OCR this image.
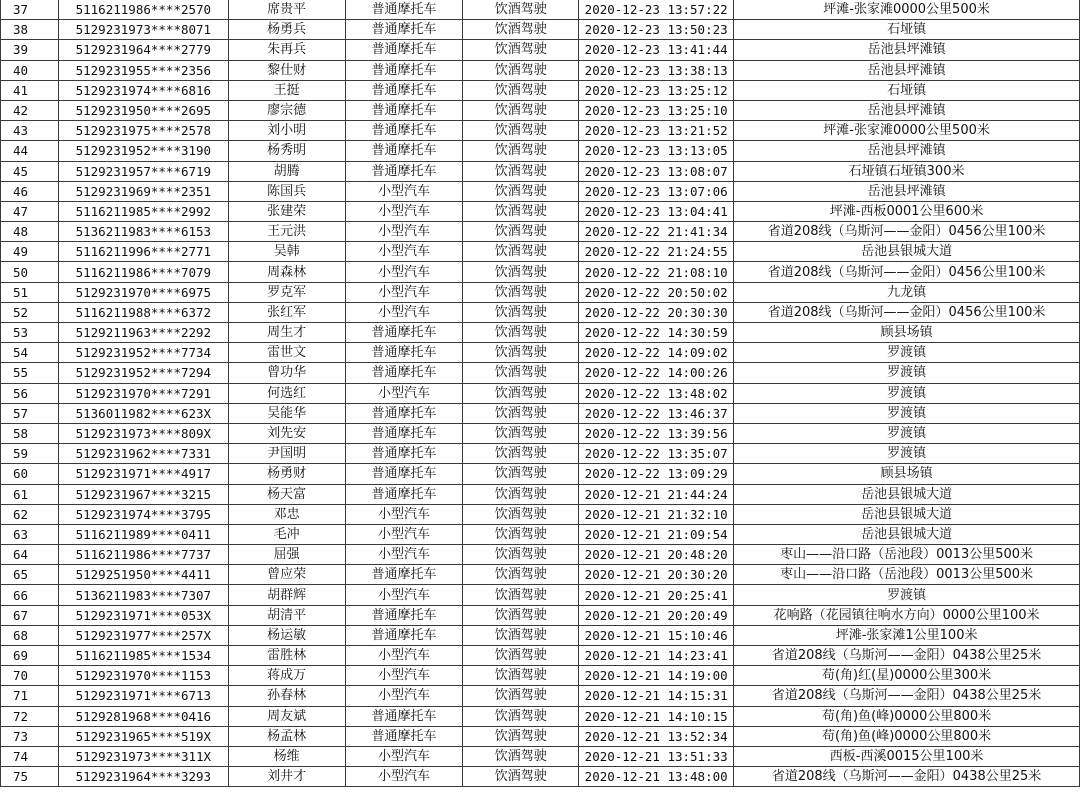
37	5116211986****2570	席贵平	普通摩托车	饮酒驾驶	2020-12-23 13:57:22	坪滩-张家滩0000公里500米
38	5129231973****8071	杨勇兵	普通摩托车	饮酒驾驶	2020-12-23 13:50:23	石垭镇
39	5129231964****2779	朱再兵	普通摩托车	饮酒驾驶	2020-12-23 13:41:44	岳池县坪滩镇
40	5129231955****2356	黎仕财	普通摩托车	饮酒驾驶	2020-12-23 13:38:13	岳池县坪滩镇
41	5129231974****6816	王挺	普通摩托车	饮酒驾驶	2020-12-23 13:25:12	石垭镇
42	5129231950****2695	廖宗德	普通摩托车	饮酒驾驶	2020-12-23 13:25:10	岳池县坪滩镇
43	5129231975****2578	刘小明	普通摩托车	饮酒驾驶	2020-12-23 13:21:52	坪滩-张家滩0000公里500米
44	5129231952****3190	杨秀明	普通摩托车	饮酒驾驶	2020-12-23 13:13:05	岳池县坪滩镇
45	5129231957****6719	胡腾	普通摩托车	饮酒驾驶	2020-12-23 13:08:07	石垭镇石垭镇300米
46	5129231969****2351	陈国兵	小型汽车	饮酒驾驶	2020-12-23 13:07:06	岳池县坪滩镇
47	5116211985****2992	张建荣	小型汽车	饮酒驾驶	2020-12-23 13:04:41	坪滩-西板0001公里600米
48	5136211983****6153	王元洪	小型汽车	饮酒驾驶	2020-12-22 21:41:34	省道208线（乌斯河——金阳）0456公里100米
49	5116211996****2771	吴韩	小型汽车	饮酒驾驶	2020-12-22 21:24:55	岳池县银城大道
50	5116211986****7079	周森林	小型汽车	饮酒驾驶	2020-12-22 21:08:10	省道208线（乌斯河——金阳）0456公里100米
51	5129231970****6975	罗克军	小型汽车	饮酒驾驶	2020-12-22 20:50:02	九龙镇
52	5116211988****6372	张红军	小型汽车	饮酒驾驶	2020-12-22 20:30:30	省道208线（乌斯河——金阳）0456公里100米
53	5129211963****2292	周生才	普通摩托车	饮酒驾驶	2020-12-22 14:30:59	顾县场镇
54	5129231952****7734	雷世文	普通摩托车	饮酒驾驶	2020-12-22 14:09:02	罗渡镇
55	5129231952****7294	曾功华	普通摩托车	饮酒驾驶	2020-12-22 14:00:26	罗渡镇
56	5129231970****7291	何选红	小型汽车	饮酒驾驶	2020-12-22 13:48:02	罗渡镇
57	5136011982****623X	吴能华	普通摩托车	饮酒驾驶	2020-12-22 13:46:37	罗渡镇
58	5129231973****809X	刘先安	普通摩托车	饮酒驾驶	2020-12-22 13:39:56	罗渡镇
59	5129231962****7331	尹国明	普通摩托车	饮酒驾驶	2020-12-22 13:35:07	罗渡镇
60	5129231971****4917	杨勇财	普通摩托车	饮酒驾驶	2020-12-22 13:09:29	顾县场镇
61	5129231967****3215	杨天富	普通摩托车	饮酒驾驶	2020-12-21 21:44:24	岳池县银城大道
62	5129231974****3795	邓忠	小型汽车	饮酒驾驶	2020-12-21 21:32:10	岳池县银城大道
63	5116211989****0411	毛冲	小型汽车	饮酒驾驶	2020-12-21 21:09:54	岳池县银城大道
64	5116211986****7737	屈强	小型汽车	饮酒驾驶	2020-12-21 20:48:20	枣山——沿口路（岳池段）0013公里500米
65	5129251950****4411	曾应荣	普通摩托车	饮酒驾驶	2020-12-21 20:30:20	枣山——沿口路（岳池段）0013公里500米
66	5136211983****7307	胡群辉	小型汽车	饮酒驾驶	2020-12-21 20:25:41	罗渡镇
67	5129231971****053X	胡清平	普通摩托车	饮酒驾驶	2020-12-21 20:20:49	花响路（花园镇往响水方向）0000公里100米
68	5129231977****257X	杨运敏	普通摩托车	饮酒驾驶	2020-12-21 15:10:46	坪滩-张家滩1公里100米
69	5116211985****1534	雷胜林	小型汽车	饮酒驾驶	2020-12-21 14:23:41	省道208线（乌斯河——金阳）0438公里25米
70	5129231970****1153	蒋成万	小型汽车	饮酒驾驶	2020-12-21 14:19:00	苟(角)红(星)0000公里300米
71	5129231971****6713	孙春林	小型汽车	饮酒驾驶	2020-12-21 14:15:31	省道208线（乌斯河——金阳）0438公里25米
72	5129281968****0416	周友斌	普通摩托车	饮酒驾驶	2020-12-21 14:10:15	苟(角)鱼(峰)0000公里800米
73	5129231965****519X	杨孟林	普通摩托车	饮酒驾驶	2020-12-21 13:52:34	苟(角)鱼(峰)0000公里800米
74	5129231973****311X	杨维	小型汽车	饮酒驾驶	2020-12-21 13:51:33	西板-西溪0015公里100米
75	5129231964****3293	刘井才	小型汽车	饮酒驾驶	2020-12-21 13:48:00	省道208线（乌斯河——金阳）0438公里25米
